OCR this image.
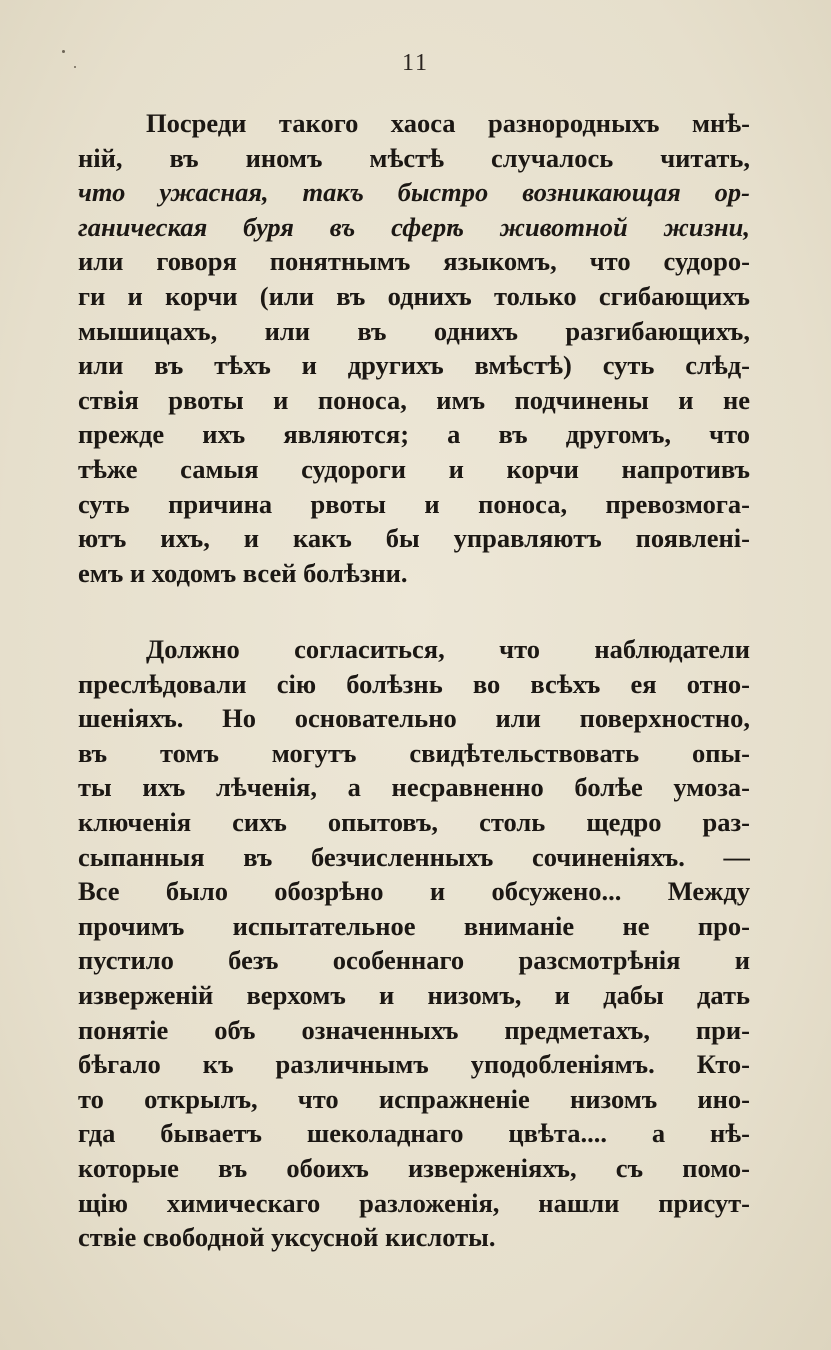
11
Посреди такого хаоса разнородныхъ мнѣ-
ній, въ иномъ мѣстѣ случалось читать,
что ужасная, такъ быстро возникающая ор-
ганическая буря въ сферѣ животной жизни,
или говоря понятнымъ языкомъ, что судоро-
ги и корчи (или въ однихъ только сгибающихъ
мышицахъ, или въ однихъ разгибающихъ,
или въ тѣхъ и другихъ вмѣстѣ) суть слѣд-
ствія рвоты и поноса, имъ подчинены и не
прежде ихъ являются; а въ другомъ, что
тѣже самыя судороги и корчи напротивъ
суть причина рвоты и поноса, превозмога-
ютъ ихъ, и какъ бы управляютъ появлені-
емъ и ходомъ всей болѣзни.
Должно согласиться, что наблюдатели
преслѣдовали сію болѣзнь во всѣхъ ея отно-
шеніяхъ. Но основательно или поверхностно,
въ томъ могутъ свидѣтельствовать опы-
ты ихъ лѣченія, а несравненно болѣе умоза-
ключенія сихъ опытовъ, столь щедро раз-
сыпанныя въ безчисленныхъ сочиненіяхъ. —
Все было обозрѣно и обсужено... Между
прочимъ испытательное вниманіе не про-
пустило безъ особеннаго разсмотрѣнія и
изверженій верхомъ и низомъ, и дабы дать
понятіе объ означенныхъ предметахъ, при-
бѣгало къ различнымъ уподобленіямъ. Кто-
то открылъ, что испражненіе низомъ ино-
гда бываетъ шеколаднаго цвѣта.... а нѣ-
которые въ обоихъ изверженіяхъ, съ помо-
щію химическаго разложенія, нашли присут-
ствіе свободной уксусной кислоты.
